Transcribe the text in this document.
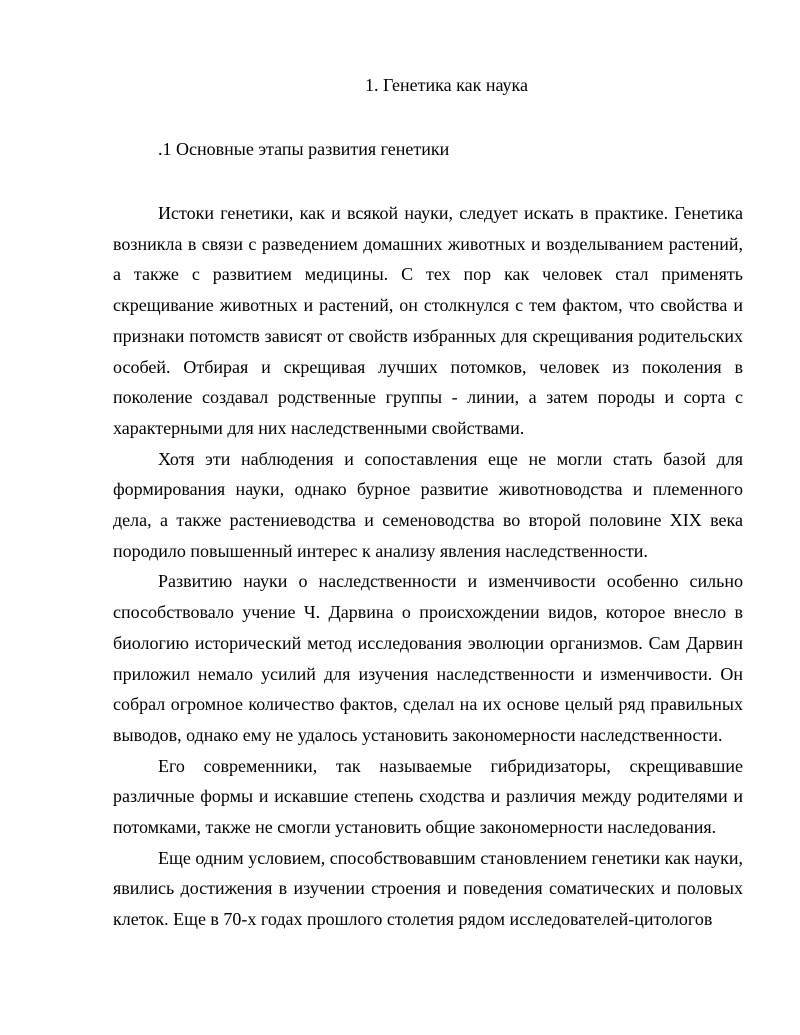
1. Генетика как наука
.1 Основные этапы развития генетики

Истоки генетики, как и всякой науки, следует искать в практике. Генетика возникла в связи с разведением домашних животных и возделыванием растений, а также с развитием медицины. С тех пор как человек стал применять скрещивание животных и растений, он столкнулся с тем фактом, что свойства и признаки потомств зависят от свойств избранных для скрещивания родительских особей. Отбирая и скрещивая лучших потомков, человек из поколения в поколение создавал родственные группы - линии, а затем породы и сорта с характерными для них наследственными свойствами.

Хотя эти наблюдения и сопоставления еще не могли стать базой для формирования науки, однако бурное развитие животноводства и племенного дела, а также растениеводства и семеноводства во второй половине XIX века породило повышенный интерес к анализу явления наследственности.

Развитию науки о наследственности и изменчивости особенно сильно способствовало учение Ч. Дарвина о происхождении видов, которое внесло в биологию исторический метод исследования эволюции организмов. Сам Дарвин приложил немало усилий для изучения наследственности и изменчивости. Он собрал огромное количество фактов, сделал на их основе целый ряд правильных выводов, однако ему не удалось установить закономерности наследственности.

Его современники, так называемые гибридизаторы, скрещивавшие различные формы и искавшие степень сходства и различия между родителями и потомками, также не смогли установить общие закономерности наследования.

Еще одним условием, способствовавшим становлением генетики как науки, явились достижения в изучении строения и поведения соматических и половых клеток. Еще в 70-х годах прошлого столетия рядом исследователей-цитологов
